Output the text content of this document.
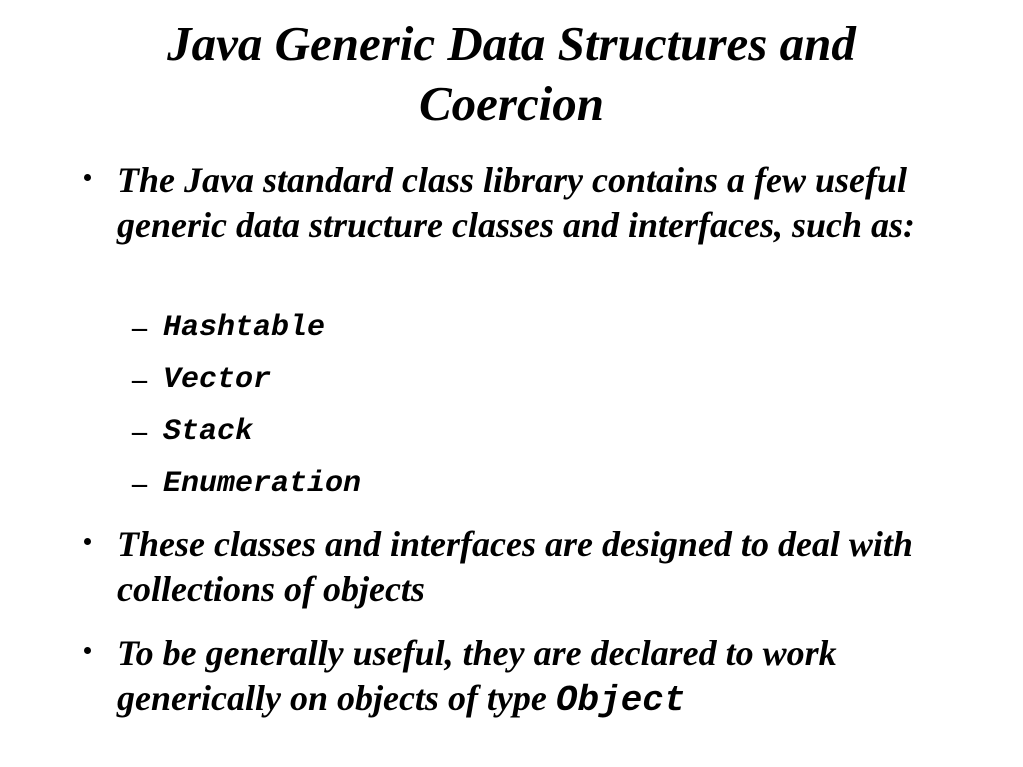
Java Generic Data Structures and
Coercion
The Java standard class library contains a few useful generic data structure classes and interfaces, such as:
– Hashtable
– Vector
– Stack
– Enumeration
These classes and interfaces are designed to deal with collections of objects
To be generally useful, they are declared to work generically on objects of type Object
